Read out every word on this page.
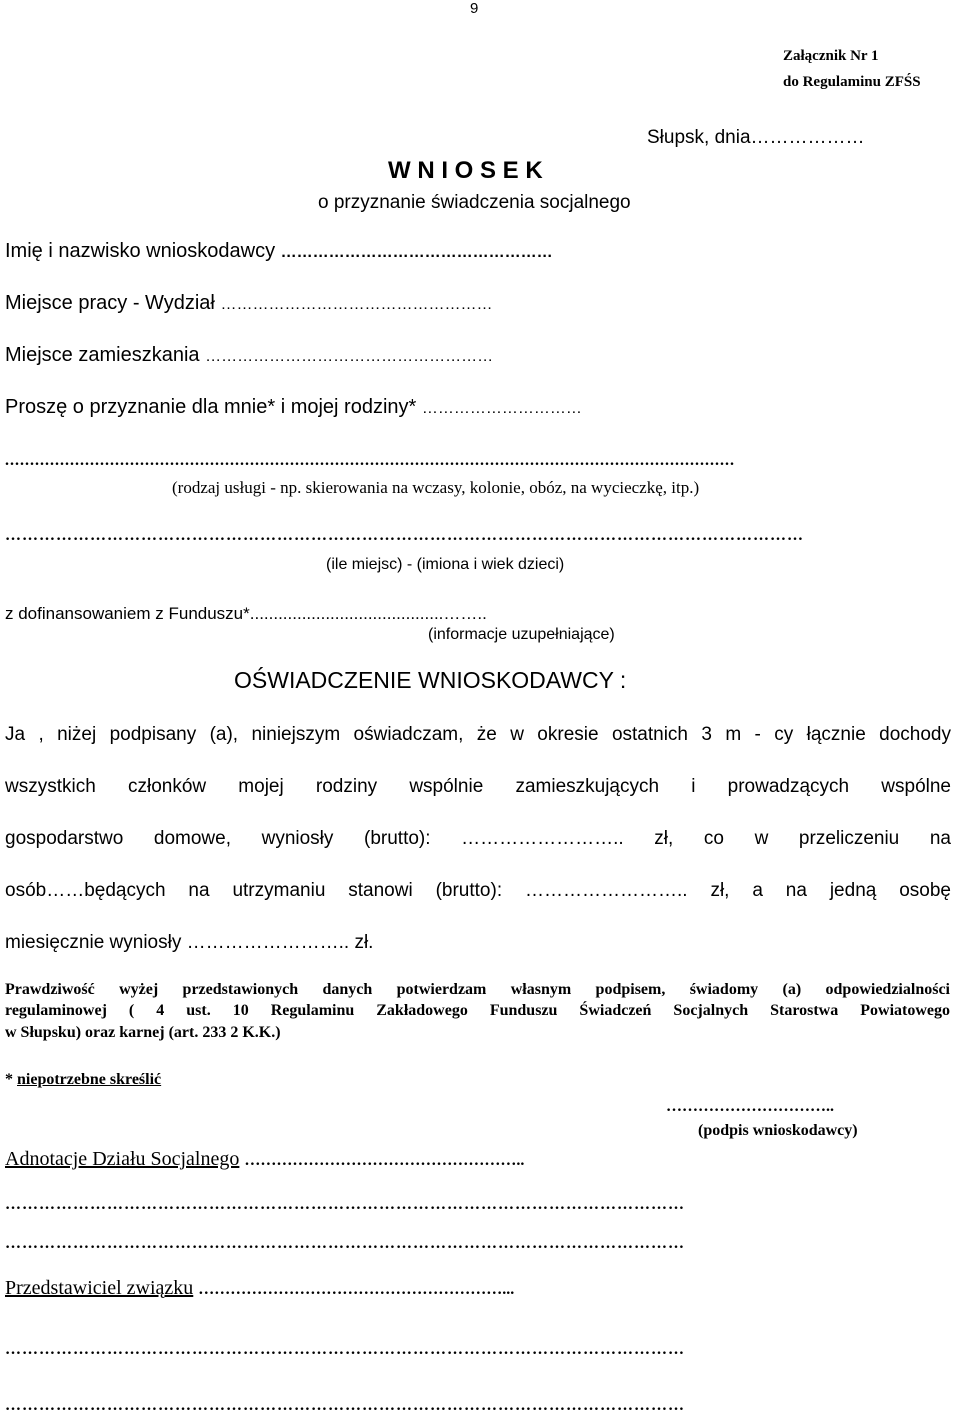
9
Załącznik Nr 1
do Regulaminu ZFŚS
Słupsk, dnia………………
W N I O S E K
o przyznanie świadczenia socjalnego
Imię i nazwisko wnioskodawcy ……………………………………………
Miejsce pracy - Wydział ……………………………………………
Miejsce zamieszkania ………………………………………………
Proszę o przyznanie dla mnie* i mojej rodziny* …………………………
..................................................................................................................................................
(rodzaj usługi - np. skierowania na wczasy, kolonie, obóz, na wycieczkę, itp.)
……………………………………………………………………………………………………………………………
(ile miejsc) - (imiona i wiek dzieci)
z dofinansowaniem z Funduszu*.........................................……..
(informacje uzupełniające)
OŚWIADCZENIE WNIOSKODAWCY :
Ja , niżej podpisany (a), niniejszym oświadczam, że w okresie ostatnich 3 m - cy łącznie dochody
wszystkich członków mojej rodziny wspólnie zamieszkujących i prowadzących wspólne
gospodarstwo domowe, wyniosły (brutto): …………………….. zł, co w przeliczeniu na
osób……będących na utrzymaniu stanowi (brutto): …………………….. zł, a na jedną osobę
miesięcznie wyniosły …………………….. zł.
Prawdziwość wyżej przedstawionych danych potwierdzam własnym podpisem, świadomy (a) odpowiedzialności
regulaminowej ( 4 ust. 10 Regulaminu Zakładowego Funduszu Świadczeń Socjalnych Starostwa Powiatowego
w Słupsku) oraz karnej (art. 233 2 K.K.)
* niepotrzebne skreślić
…………………………..
(podpis wnioskodawcy)
Adnotacje Działu Socjalnego ……………………………………………..
…………………………………………………………………………………………………………
…………………………………………………………………………………………………………
Przedstawiciel związku …………………………………………………...
…………………………………………………………………………………………………………
…………………………………………………………………………………………………………
